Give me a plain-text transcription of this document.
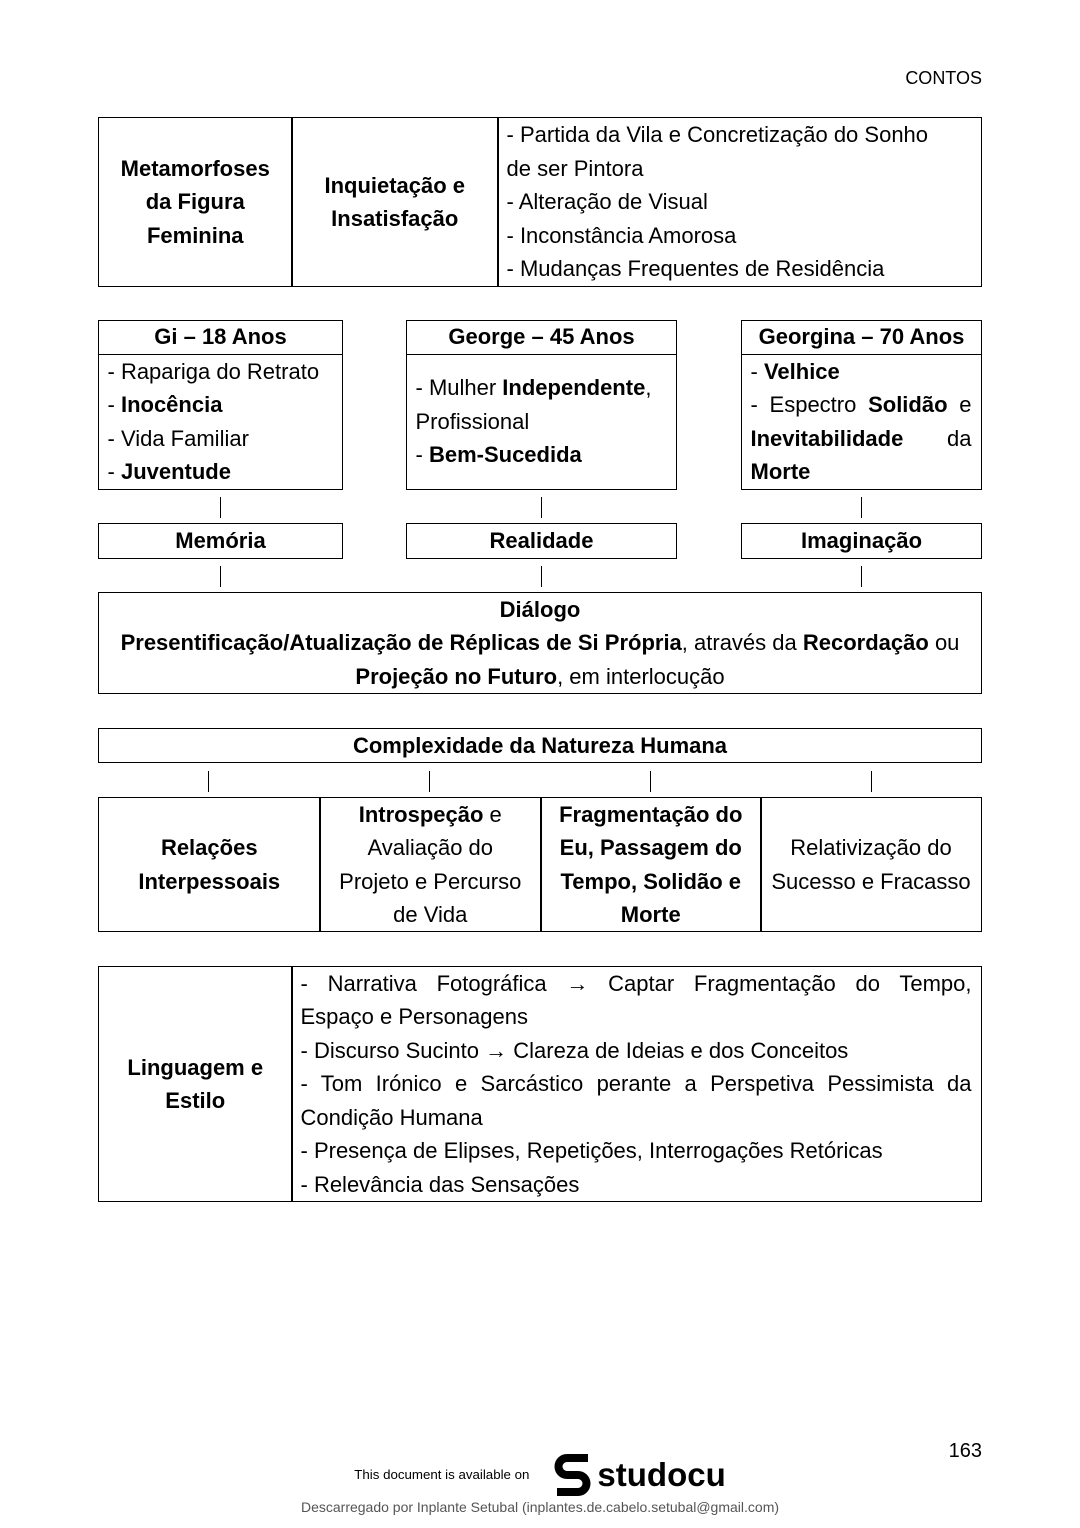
CONTOS
Metamorfoses
da Figura
Feminina
Inquietação e
Insatisfação
- Partida da Vila e Concretização do Sonho
de ser Pintora
- Alteração de Visual
- Inconstância Amorosa
- Mudanças Frequentes de Residência
Gi – 18 Anos
- Rapariga do Retrato
- Inocência
- Vida Familiar
- Juventude
George – 45 Anos
- Mulher Independente,
Profissional
- Bem-Sucedida
Georgina – 70 Anos
- Velhice
- Espectro Solidão e
Inevitabilidade da
Morte
Memória	Realidade	Imaginação
Diálogo
Presentificação/Atualização de Réplicas de Si Própria, através da Recordação ou
Projeção no Futuro, em interlocução
Complexidade da Natureza Humana
Relações
Interpessoais
Introspeção e
Avaliação do
Projeto e Percurso
de Vida
Fragmentação do
Eu, Passagem do
Tempo, Solidão e
Morte
Relativização do
Sucesso e Fracasso
Linguagem e
Estilo
- Narrativa Fotográfica → Captar Fragmentação do Tempo,
Espaço e Personagens
- Discurso Sucinto → Clareza de Ideias e dos Conceitos
- Tom Irónico e Sarcástico perante a Perspetiva Pessimista da
Condição Humana
- Presença de Elipses, Repetições, Interrogações Retóricas
- Relevância das Sensações
163
This document is available on studocu
Descarregado por Inplante Setubal (inplantes.de.cabelo.setubal@gmail.com)
